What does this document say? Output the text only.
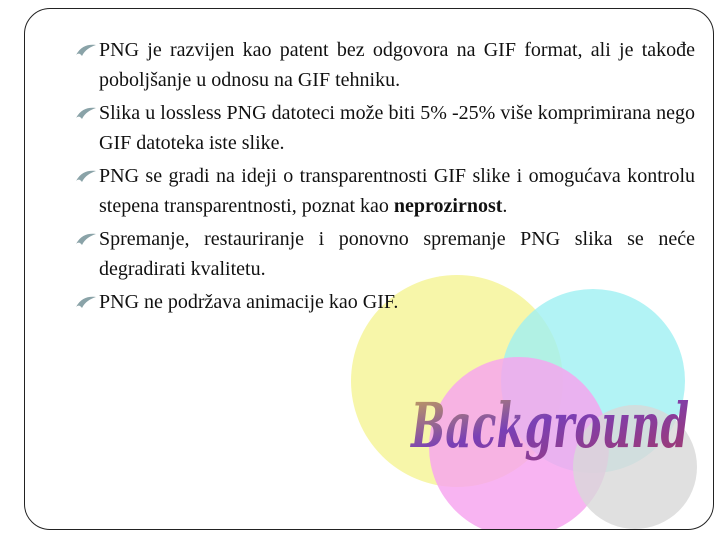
Background
PNG je razvijen kao patent bez odgovora na GIF format, ali je takođe poboljšanje u odnosu na GIF tehniku.
Slika u lossless PNG datoteci može biti 5% -25% više komprimirana nego GIF datoteka iste slike.
PNG se gradi na ideji o transparentnosti GIF slike i omogućava kontrolu stepena transparentnosti, poznat kao neprozirnost.
Spremanje, restauriranje i ponovno spremanje PNG slika se neće degradirati kvalitetu.
PNG ne podržava animacije kao GIF.
